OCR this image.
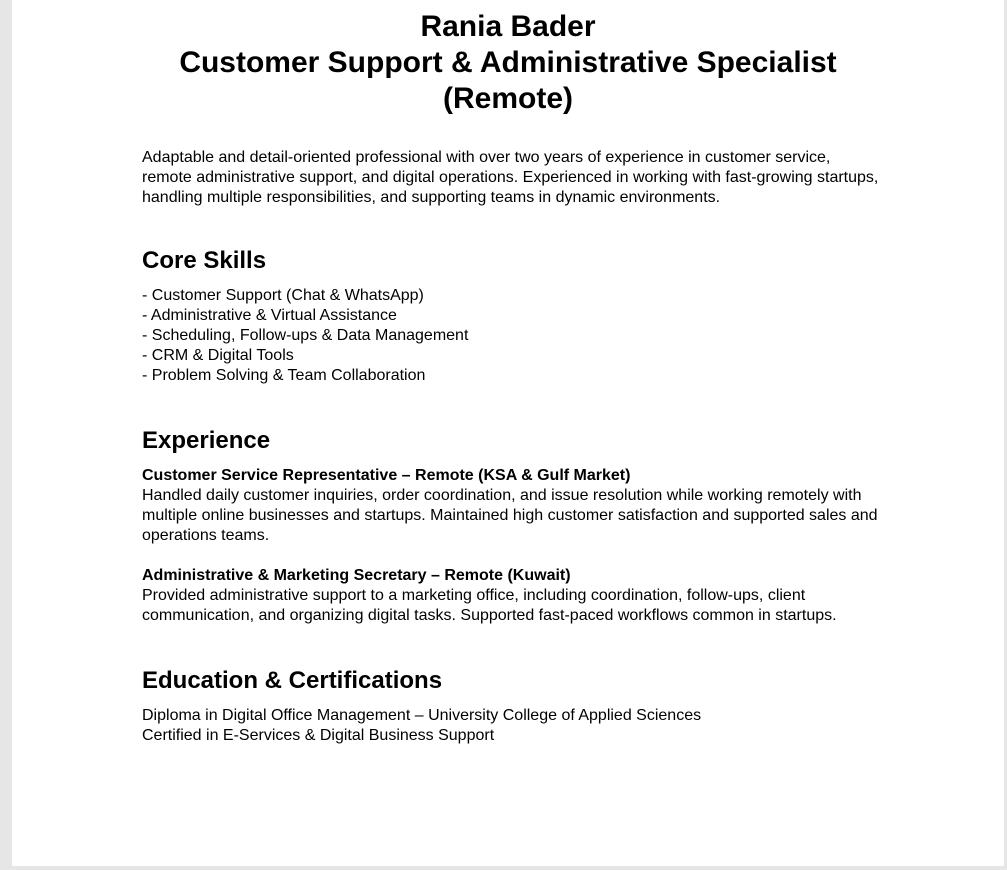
Rania Bader
Customer Support & Administrative Specialist (Remote)

Adaptable and detail-oriented professional with over two years of experience in customer service, remote administrative support, and digital operations. Experienced in working with fast-growing startups, handling multiple responsibilities, and supporting teams in dynamic environments.

Core Skills
- Customer Support (Chat & WhatsApp)
- Administrative & Virtual Assistance
- Scheduling, Follow-ups & Data Management
- CRM & Digital Tools
- Problem Solving & Team Collaboration
Experience

Customer Service Representative – Remote (KSA & Gulf Market)

Handled daily customer inquiries, order coordination, and issue resolution while working remotely with multiple online businesses and startups. Maintained high customer satisfaction and supported sales and operations teams.

Administrative & Marketing Secretary – Remote (Kuwait)

Provided administrative support to a marketing office, including coordination, follow-ups, client communication, and organizing digital tasks. Supported fast-paced workflows common in startups.

Education & Certifications
Diploma in Digital Office Management – University College of Applied Sciences
Certified in E-Services & Digital Business Support
